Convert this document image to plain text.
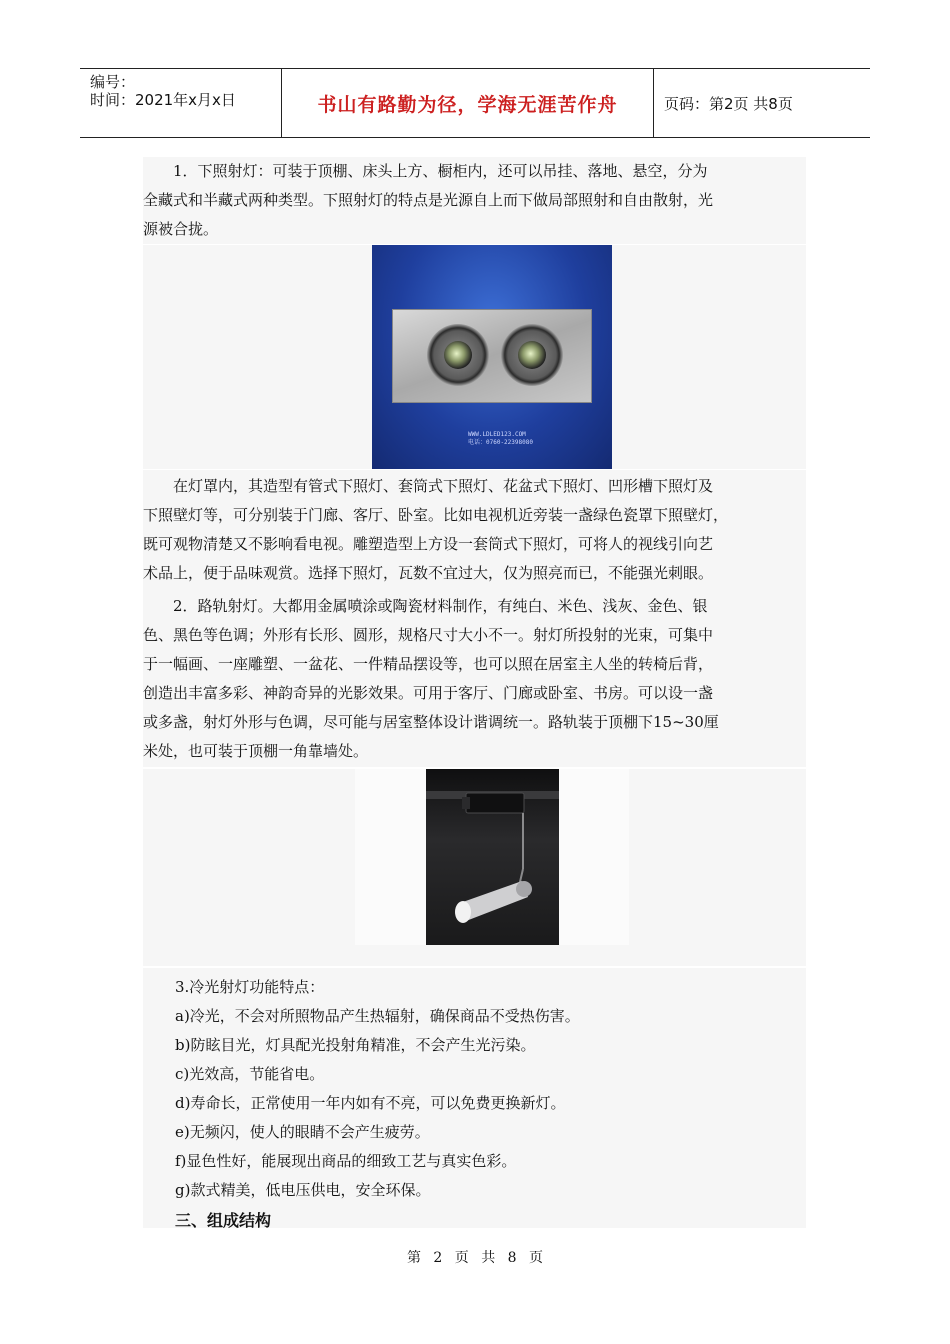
编号：
时间：2021年x月x日	书山有路勤为径，学海无涯苦作舟	页码：第2页 共8页
1．下照射灯：可装于顶棚、床头上方、橱柜内，还可以吊挂、落地、悬空，分为
全藏式和半藏式两种类型。下照射灯的特点是光源自上而下做局部照射和自由散射，光
源被合拢。
WWW.LDLED123.COM
电话：0760-22398080
在灯罩内，其造型有管式下照灯、套筒式下照灯、花盆式下照灯、凹形槽下照灯及
下照壁灯等，可分别装于门廊、客厅、卧室。比如电视机近旁装一盏绿色瓷罩下照壁灯，
既可观物清楚又不影响看电视。雕塑造型上方设一套筒式下照灯，可将人的视线引向艺
术品上，便于品味观赏。选择下照灯，瓦数不宜过大，仅为照亮而已，不能强光刺眼。
2．路轨射灯。大都用金属喷涂或陶瓷材料制作，有纯白、米色、浅灰、金色、银
色、黑色等色调；外形有长形、圆形，规格尺寸大小不一。射灯所投射的光束，可集中
于一幅画、一座雕塑、一盆花、一件精品摆设等，也可以照在居室主人坐的转椅后背，
创造出丰富多彩、神韵奇异的光影效果。可用于客厅、门廊或卧室、书房。可以设一盏
或多盏，射灯外形与色调，尽可能与居室整体设计谐调统一。路轨装于顶棚下15~30厘
米处，也可装于顶棚一角靠墙处。
3.冷光射灯功能特点：
a)冷光，不会对所照物品产生热辐射，确保商品不受热伤害。
b)防眩目光，灯具配光投射角精准，不会产生光污染。
c)光效高，节能省电。
d)寿命长，正常使用一年内如有不亮，可以免费更换新灯。
e)无频闪，使人的眼睛不会产生疲劳。
f)显色性好，能展现出商品的细致工艺与真实色彩。
g)款式精美，低电压供电，安全环保。
三、组成结构
第 2 页 共 8 页
